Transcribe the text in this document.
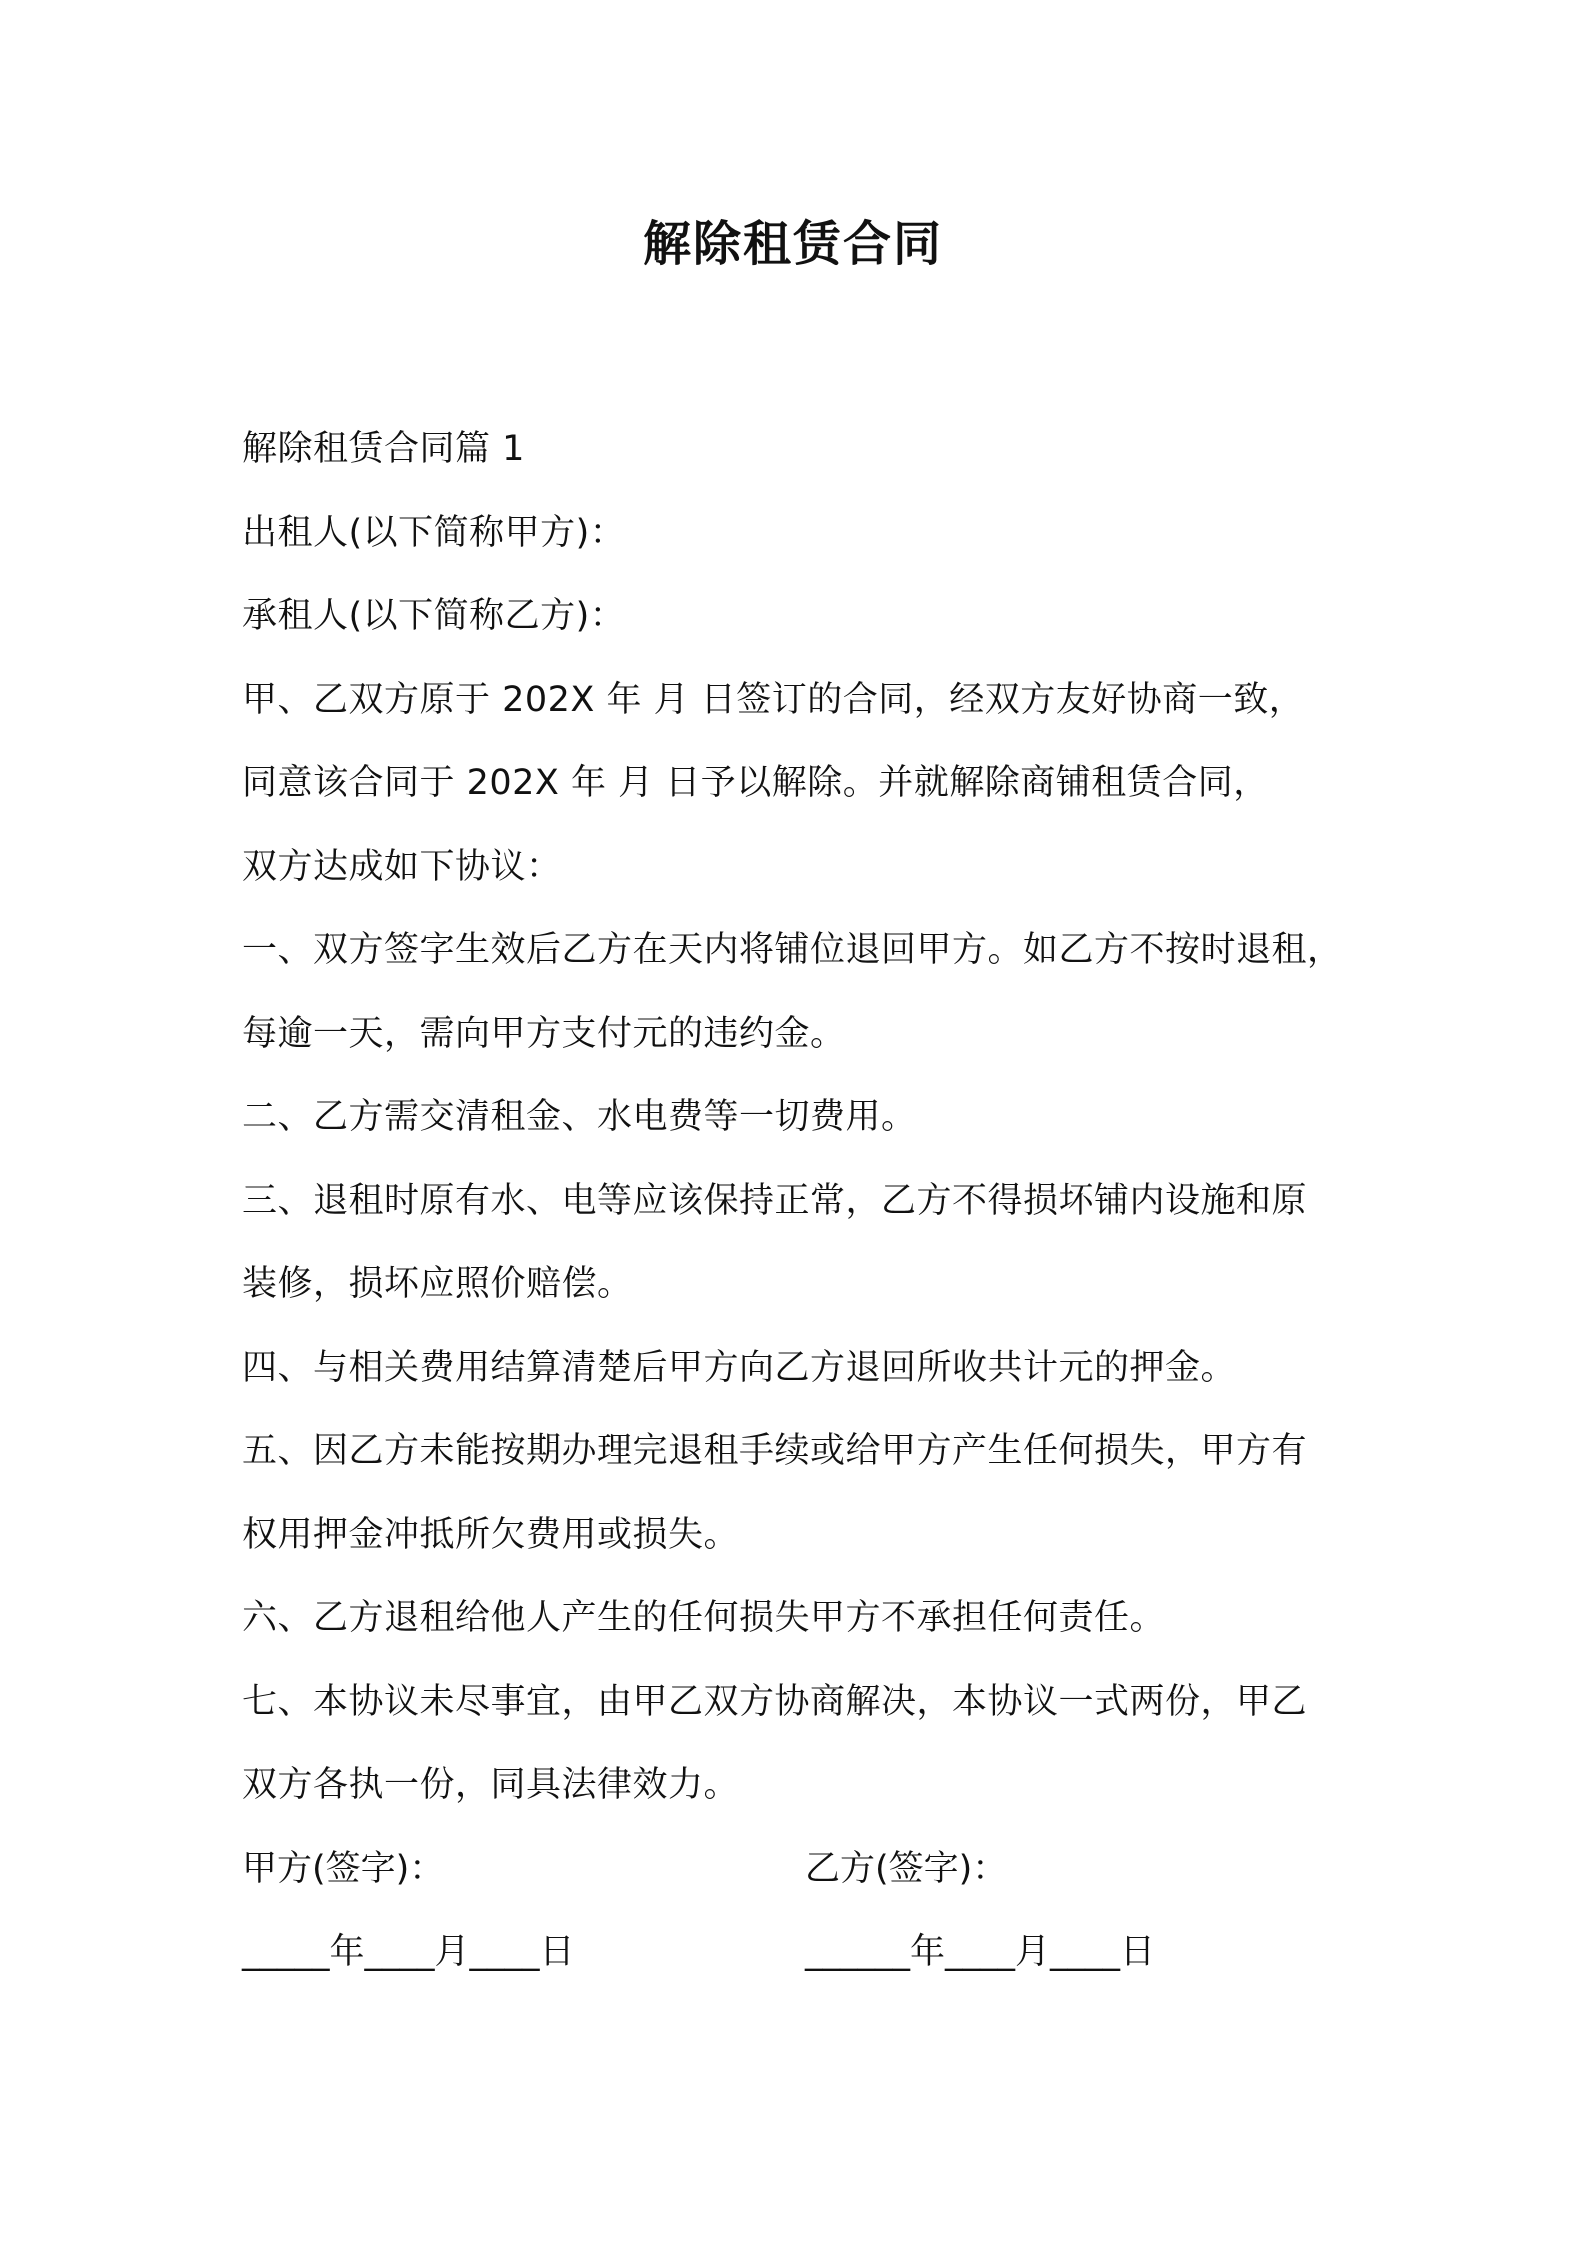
解除租赁合同
解除租赁合同篇 1
出租人(以下简称甲方)：
承租人(以下简称乙方)：
甲、乙双方原于 202X 年 月 日签订的合同，经双方友好协商一致，
同意该合同于 202X 年 月 日予以解除。并就解除商铺租赁合同，
双方达成如下协议：
一、双方签字生效后乙方在天内将铺位退回甲方。如乙方不按时退租，
每逾一天，需向甲方支付元的违约金。
二、乙方需交清租金、水电费等一切费用。
三、退租时原有水、电等应该保持正常，乙方不得损坏铺内设施和原
装修，损坏应照价赔偿。
四、与相关费用结算清楚后甲方向乙方退回所收共计元的押金。
五、因乙方未能按期办理完退租手续或给甲方产生任何损失，甲方有
权用押金冲抵所欠费用或损失。
六、乙方退租给他人产生的任何损失甲方不承担任何责任。
七、本协议未尽事宜，由甲乙双方协商解决，本协议一式两份，甲乙
双方各执一份，同具法律效力。
甲方(签字)：	乙方(签字)：
_____年____月____日	______年____月____日
